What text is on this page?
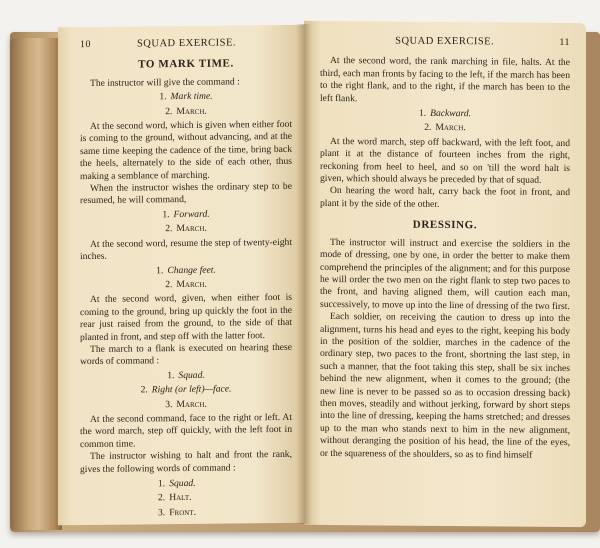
10	SQUAD EXERCISE.
TO MARK TIME.

The instructor will give the command :

1. Mark time.
2. March.

At the second word, which is given when either foot is coming to the ground, without advancing, and at the same time keeping the cadence of the time, bring back the heels, alternately to the side of each other, thus making a semblance of marching.

When the instructor wishes the ordinary step to be resumed, he will command,

1. Forward.
2. March.

At the second word, resume the step of twenty-eight inches.

1. Change feet.
2. March.

At the second word, given, when either foot is coming to the ground, bring up quickly the foot in the rear just raised from the ground, to the side of that planted in front, and step off with the latter foot.

The march to a flank is executed on hearing these words of command :

1. Squad.
2. Right (or left)—face.
3. March.

At the second command, face to the right or left. At the word march, step off quickly, with the left foot in common time.

The instructor wishing to halt and front the rank, gives the following words of command :

1. Squad.
2. Halt.
3. Front.
SQUAD EXERCISE.	11

At the second word, the rank marching in file, halts. At the third, each man fronts by facing to the left, if the march has been to the right flank, and to the right, if the march has been to the left flank.

1. Backward.
2. March.

At the word march, step off backward, with the left foot, and plant it at the distance of fourteen inches from the right, reckoning from heel to heel, and so on 'till the word halt is given, which should always be preceded by that of squad.

On hearing the word halt, carry back the foot in front, and plant it by the side of the other.

DRESSING.

The instructor will instruct and exercise the soldiers in the mode of dressing, one by one, in order the better to make them comprehend the principles of the alignment; and for this purpose he will order the two men on the right flank to step two paces to the front, and having aligned them, will caution each man, successively, to move up into the line of dressing of the two first.

Each soldier, on receiving the caution to dress up into the alignment, turns his head and eyes to the right, keeping his body in the position of the soldier, marches in the cadence of the ordinary step, two paces to the front, shortning the last step, in such a manner, that the foot taking this step, shall be six inches behind the new alignment, when it comes to the ground; (the new line is never to be passed so as to occasion dressing back) then moves, steadily and without jerking, forward by short steps into the line of dressing, keeping the hams stretched; and dresses up to the man who stands next to him in the new alignment, without deranging the position of his head, the line of the eyes, or the squareness of the shoulders, so as to find himself
